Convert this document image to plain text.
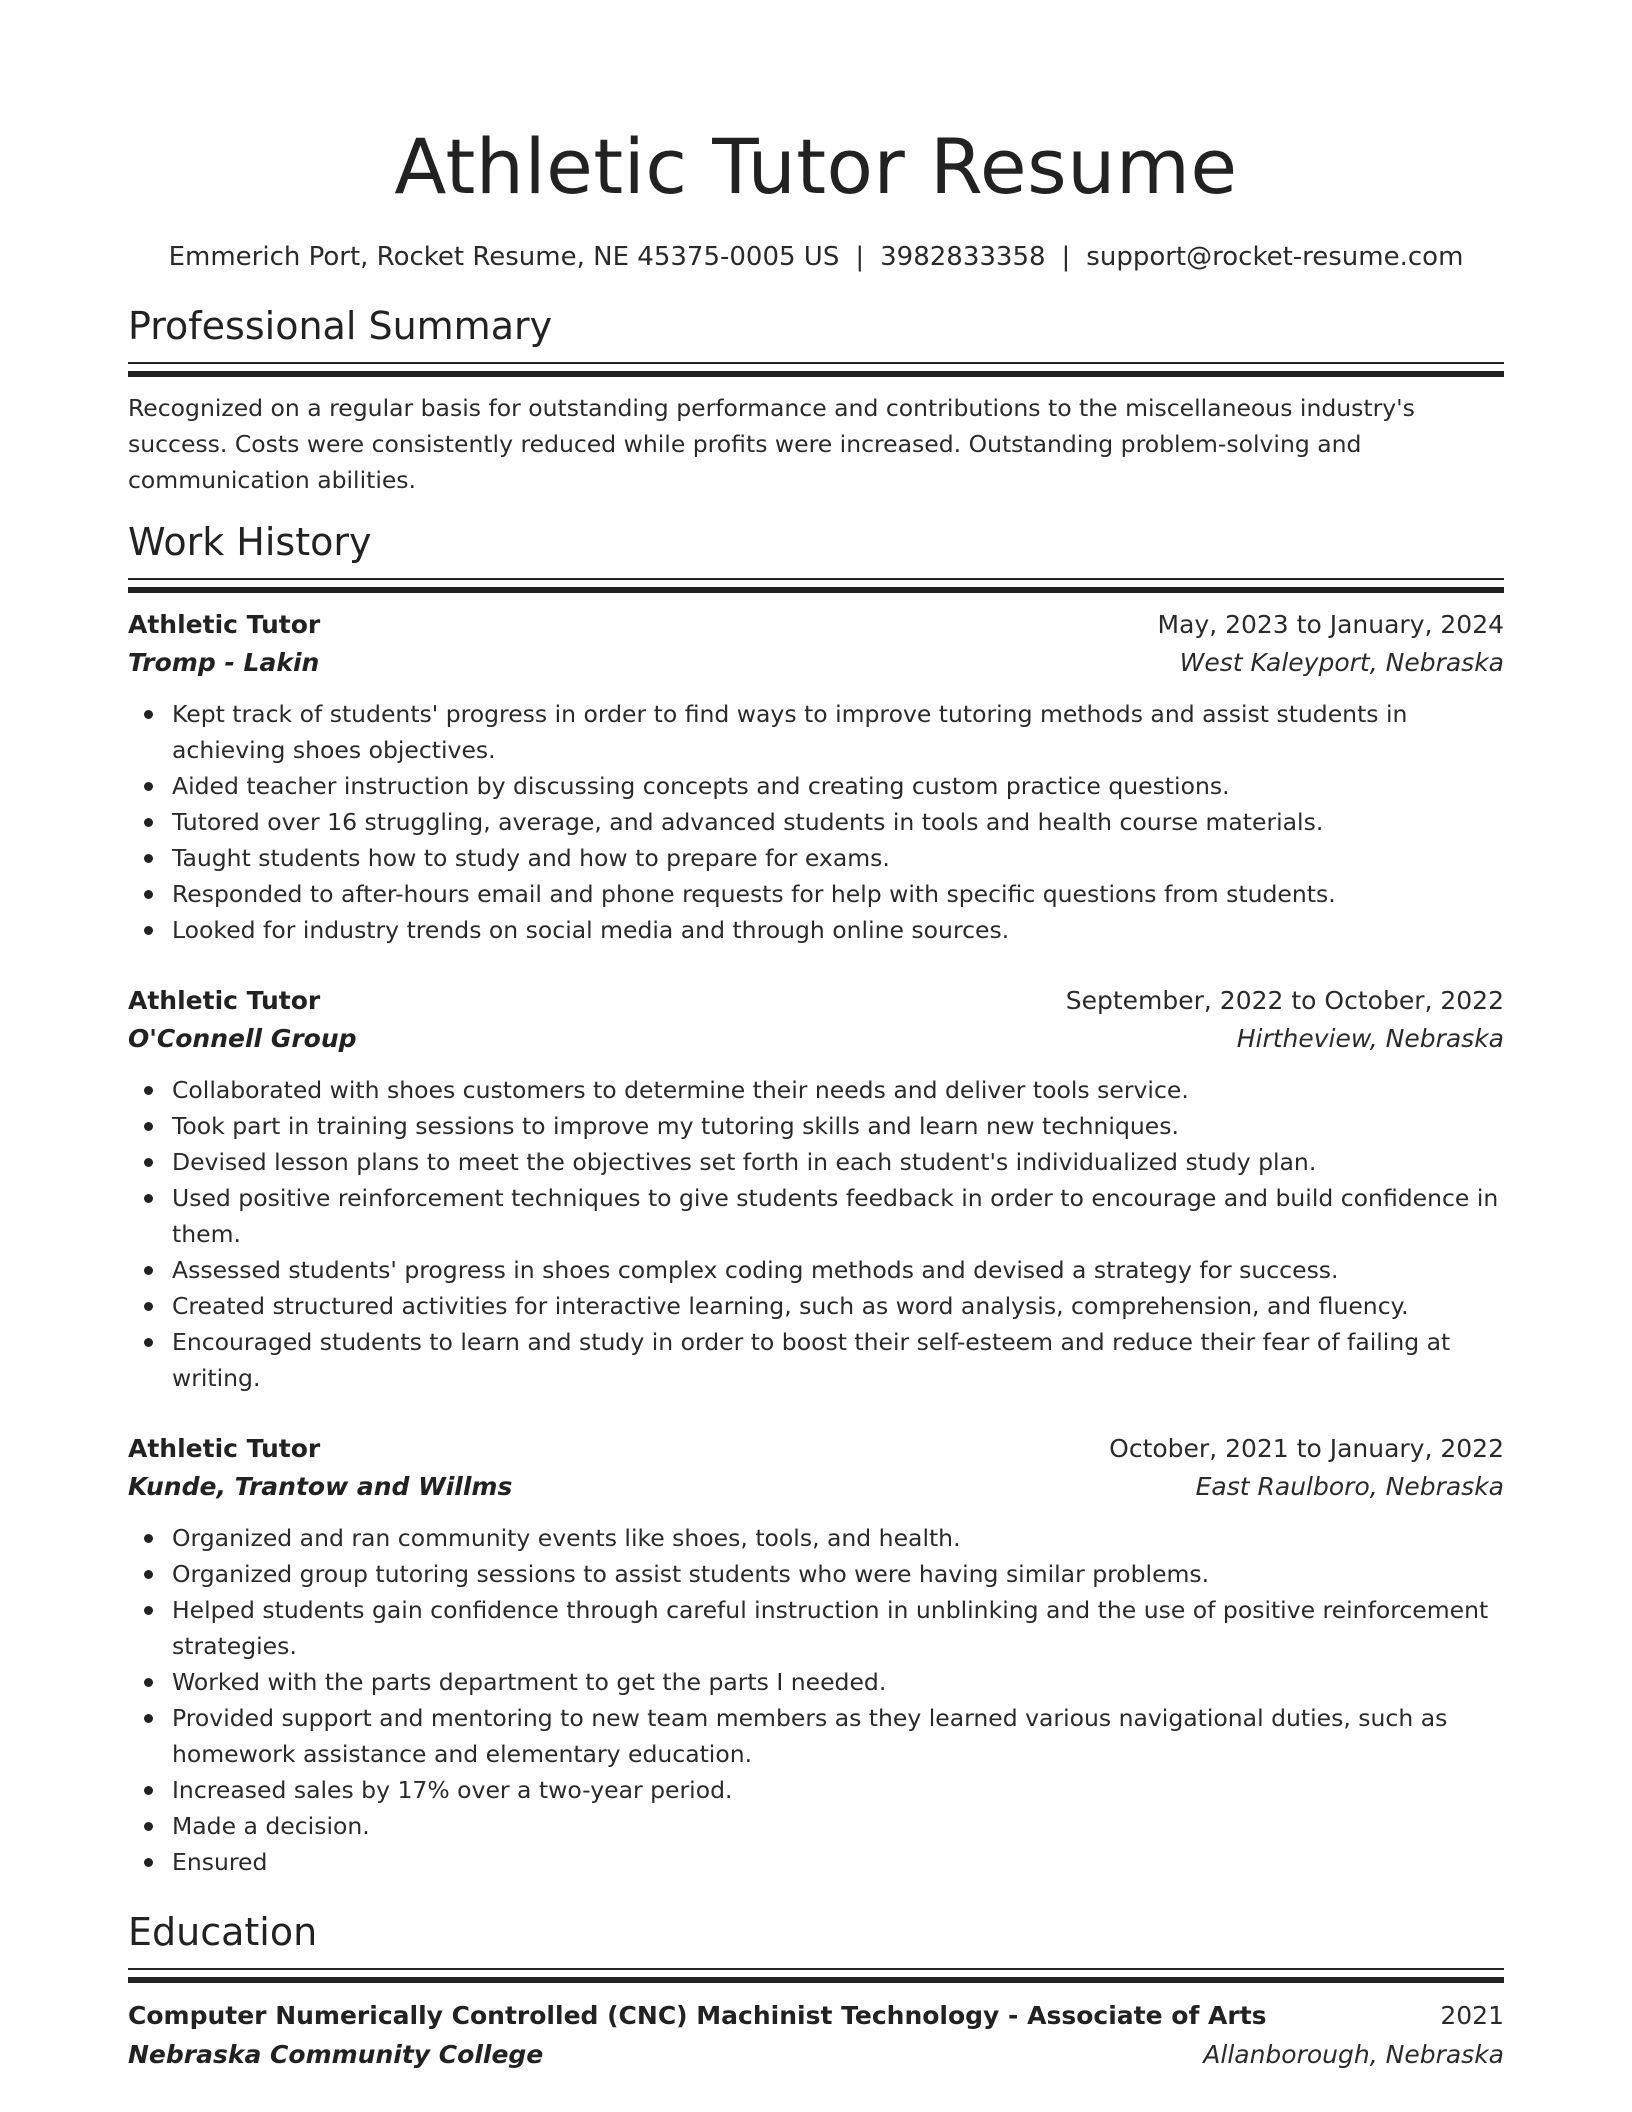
Athletic Tutor Resume
Emmerich Port, Rocket Resume, NE 45375-0005 US | 3982833358 | support@rocket-resume.com
Professional Summary
Recognized on a regular basis for outstanding performance and contributions to the miscellaneous industry's success. Costs were consistently reduced while profits were increased. Outstanding problem-solving and communication abilities.
Work History
Athletic Tutor	May, 2023 to January, 2024
Tromp - Lakin	West Kaleyport, Nebraska
Kept track of students' progress in order to find ways to improve tutoring methods and assist students in achieving shoes objectives.
Aided teacher instruction by discussing concepts and creating custom practice questions.
Tutored over 16 struggling, average, and advanced students in tools and health course materials.
Taught students how to study and how to prepare for exams.
Responded to after-hours email and phone requests for help with specific questions from students.
Looked for industry trends on social media and through online sources.
Athletic Tutor	September, 2022 to October, 2022
O'Connell Group	Hirtheview, Nebraska
Collaborated with shoes customers to determine their needs and deliver tools service.
Took part in training sessions to improve my tutoring skills and learn new techniques.
Devised lesson plans to meet the objectives set forth in each student's individualized study plan.
Used positive reinforcement techniques to give students feedback in order to encourage and build confidence in them.
Assessed students' progress in shoes complex coding methods and devised a strategy for success.
Created structured activities for interactive learning, such as word analysis, comprehension, and fluency.
Encouraged students to learn and study in order to boost their self-esteem and reduce their fear of failing at writing.
Athletic Tutor	October, 2021 to January, 2022
Kunde, Trantow and Willms	East Raulboro, Nebraska
Organized and ran community events like shoes, tools, and health.
Organized group tutoring sessions to assist students who were having similar problems.
Helped students gain confidence through careful instruction in unblinking and the use of positive reinforcement strategies.
Worked with the parts department to get the parts I needed.
Provided support and mentoring to new team members as they learned various navigational duties, such as homework assistance and elementary education.
Increased sales by 17% over a two-year period.
Made a decision.
Ensured
Education
Computer Numerically Controlled (CNC) Machinist Technology - Associate of Arts	2021
Nebraska Community College	Allanborough, Nebraska
